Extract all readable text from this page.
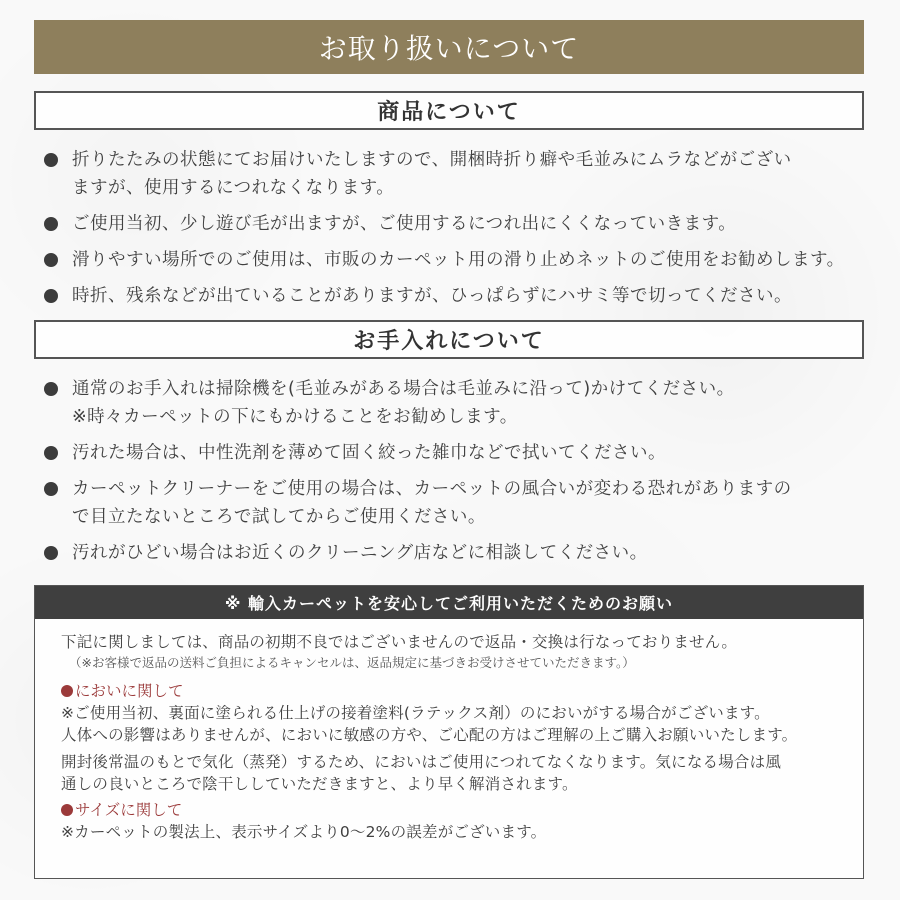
お取り扱いについて
商品について
折りたたみの状態にてお届けいたしますので、開梱時折り癖や毛並みにムラなどがござい
ますが、使用するにつれなくなります。
ご使用当初、少し遊び毛が出ますが、ご使用するにつれ出にくくなっていきます。
滑りやすい場所でのご使用は、市販のカーペット用の滑り止めネットのご使用をお勧めします。
時折、残糸などが出ていることがありますが、ひっぱらずにハサミ等で切ってください。
お手入れについて
通常のお手入れは掃除機を(毛並みがある場合は毛並みに沿って)かけてください。
※時々カーペットの下にもかけることをお勧めします。
汚れた場合は、中性洗剤を薄めて固く絞った雑巾などで拭いてください。
カーペットクリーナーをご使用の場合は、カーペットの風合いが変わる恐れがありますの
で目立たないところで試してからご使用ください。
汚れがひどい場合はお近くのクリーニング店などに相談してください。
※ 輸入カーペットを安心してご利用いただくためのお願い
下記に関しましては、商品の初期不良ではございませんので返品・交換は行なっておりません。
（※お客様で返品の送料ご負担によるキャンセルは、返品規定に基づきお受けさせていただきます。）
においに関して
※ご使用当初、裏面に塗られる仕上げの接着塗料(ラテックス剤）のにおいがする場合がございます。
人体への影響はありませんが、においに敏感の方や、ご心配の方はご理解の上ご購入お願いいたします。
開封後常温のもとで気化（蒸発）するため、においはご使用につれてなくなります。気になる場合は風
通しの良いところで陰干ししていただきますと、より早く解消されます。
サイズに関して
※カーペットの製法上、表示サイズより0〜2%の誤差がございます。
